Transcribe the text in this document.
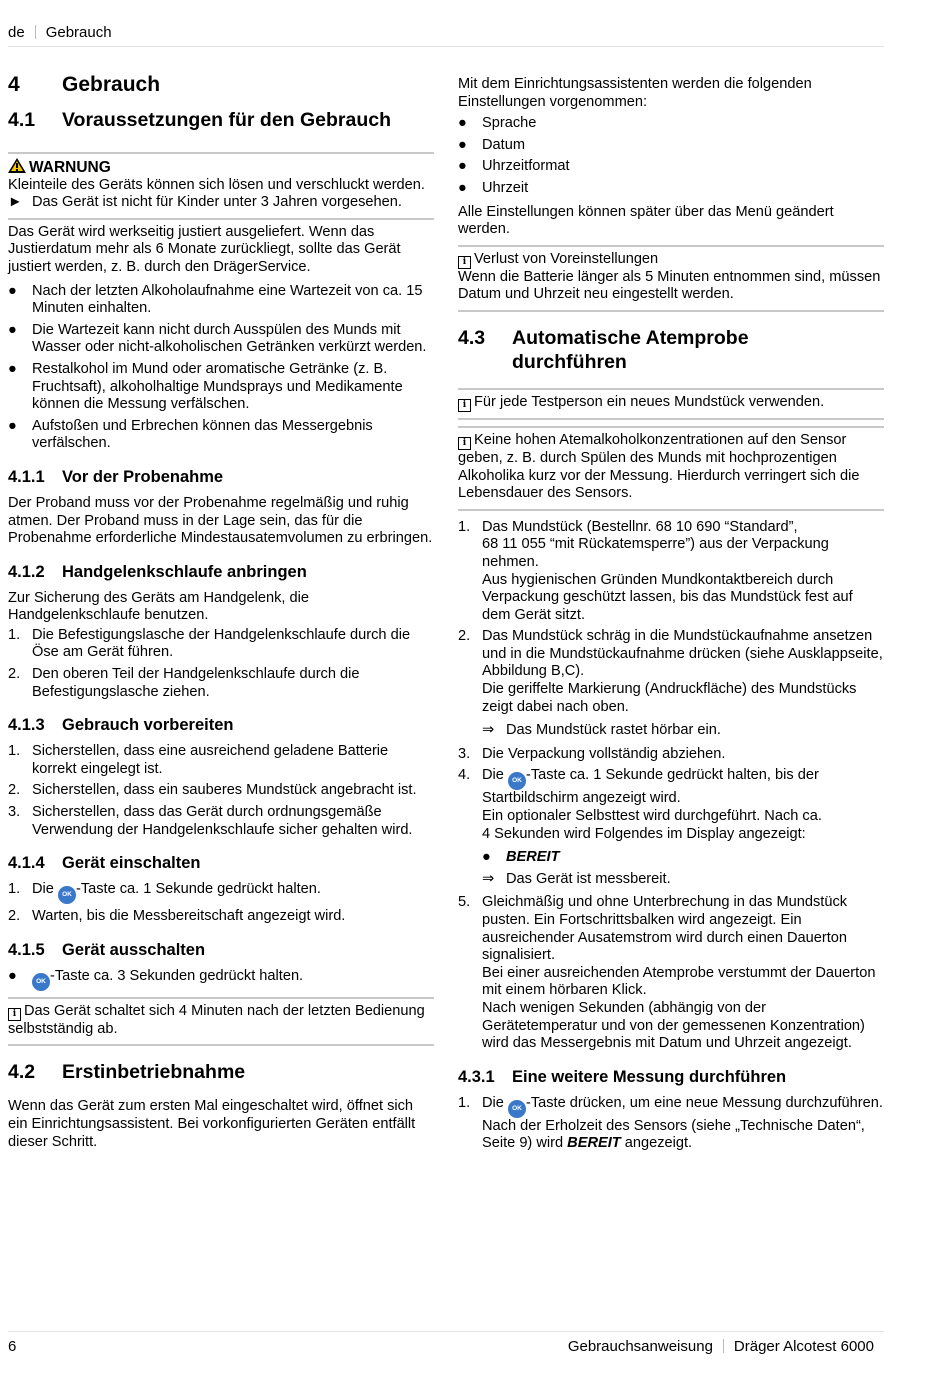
de Gebrauch
4	Gebrauch
4.1	Voraussetzungen für den Gebrauch
WARNUNG

Kleinteile des Geräts können sich lösen und verschluckt werden.

► Das Gerät ist nicht für Kinder unter 3 Jahren vorgesehen.

Das Gerät wird werkseitig justiert ausgeliefert. Wenn das Justierdatum mehr als 6 Monate zurückliegt, sollte das Gerät justiert werden, z. B. durch den DrägerService.

● Nach der letzten Alkoholaufnahme eine Wartezeit von ca. 15 Minuten einhalten.
● Die Wartezeit kann nicht durch Ausspülen des Munds mit Wasser oder nicht-alkoholischen Getränken verkürzt werden.
● Restalkohol im Mund oder aromatische Getränke (z. B. Fruchtsaft), alkoholhaltige Mundsprays und Medikamente können die Messung verfälschen.
● Aufstoßen und Erbrechen können das Messergebnis verfälschen.
4.1.1	Vor der Probenahme

Der Proband muss vor der Probenahme regelmäßig und ruhig atmen. Der Proband muss in der Lage sein, das für die Probenahme erforderliche Mindestausatemvolumen zu erbringen.

4.1.2	Handgelenkschlaufe anbringen

Zur Sicherung des Geräts am Handgelenk, die Handgelenkschlaufe benutzen.

1. Die Befestigungslasche der Handgelenkschlaufe durch die Öse am Gerät führen.
2. Den oberen Teil der Handgelenkschlaufe durch die Befestigungslasche ziehen.
4.1.3	Gebrauch vorbereiten
1. Sicherstellen, dass eine ausreichend geladene Batterie korrekt eingelegt ist.
2. Sicherstellen, dass ein sauberes Mundstück angebracht ist.
3. Sicherstellen, dass das Gerät durch ordnungsgemäße Verwendung der Handgelenkschlaufe sicher gehalten wird.
4.1.4	Gerät einschalten
1. Die OK -Taste ca. 1 Sekunde gedrückt halten.
2. Warten, bis die Messbereitschaft angezeigt wird.
4.1.5	Gerät ausschalten
●	OK -Taste ca. 3 Sekunden gedrückt halten.

i Das Gerät schaltet sich 4 Minuten nach der letzten Bedienung selbstständig ab.

4.2	Erstinbetriebnahme

Wenn das Gerät zum ersten Mal eingeschaltet wird, öffnet sich ein Einrichtungsassistent. Bei vorkonfigurierten Geräten entfällt dieser Schritt.

Mit dem Einrichtungsassistenten werden die folgenden Einstellungen vorgenommen:

● Sprache
● Datum
● Uhrzeitformat
● Uhrzeit

Alle Einstellungen können später über das Menü geändert werden.

i Verlust von Voreinstellungen

Wenn die Batterie länger als 5 Minuten entnommen sind, müssen Datum und Uhrzeit neu eingestellt werden.

4.3	Automatische Atemprobe durchführen

i Für jede Testperson ein neues Mundstück verwenden.

i Keine hohen Atemalkoholkonzentrationen auf den Sensor geben, z. B. durch Spülen des Munds mit hochprozentigen Alkoholika kurz vor der Messung. Hierdurch verringert sich die Lebensdauer des Sensors.

1. Das Mundstück (Bestellnr. 68 10 690 “Standard”,
68 11 055 “mit Rückatemsperre”) aus der Verpackung nehmen.
Aus hygienischen Gründen Mundkontaktbereich durch Verpackung geschützt lassen, bis das Mundstück fest auf dem Gerät sitzt.
2. Das Mundstück schräg in die Mundstückaufnahme ansetzen und in die Mundstückaufnahme drücken (siehe Ausklappseite, Abbildung B,C).
Die geriffelte Markierung (Andruckfläche) des Mundstücks zeigt dabei nach oben.
⇒ Das Mundstück rastet hörbar ein.
3. Die Verpackung vollständig abziehen.
4. Die OK -Taste ca. 1 Sekunde gedrückt halten, bis der Startbildschirm angezeigt wird.
Ein optionaler Selbsttest wird durchgeführt. Nach ca.
4 Sekunden wird Folgendes im Display angezeigt:
● BEREIT
⇒ Das Gerät ist messbereit.
5. Gleichmäßig und ohne Unterbrechung in das Mundstück pusten. Ein Fortschrittsbalken wird angezeigt. Ein ausreichender Ausatemstrom wird durch einen Dauerton signalisiert.
Bei einer ausreichenden Atemprobe verstummt der Dauerton mit einem hörbaren Klick.
Nach wenigen Sekunden (abhängig von der Gerätetemperatur und von der gemessenen Konzentration) wird das Messergebnis mit Datum und Uhrzeit angezeigt.
4.3.1	Eine weitere Messung durchführen
1. Die OK -Taste drücken, um eine neue Messung durchzuführen.
Nach der Erholzeit des Sensors (siehe „Technische Daten“, Seite 9) wird BEREIT angezeigt.
6	Gebrauchsanweisung Dräger Alcotest 6000
